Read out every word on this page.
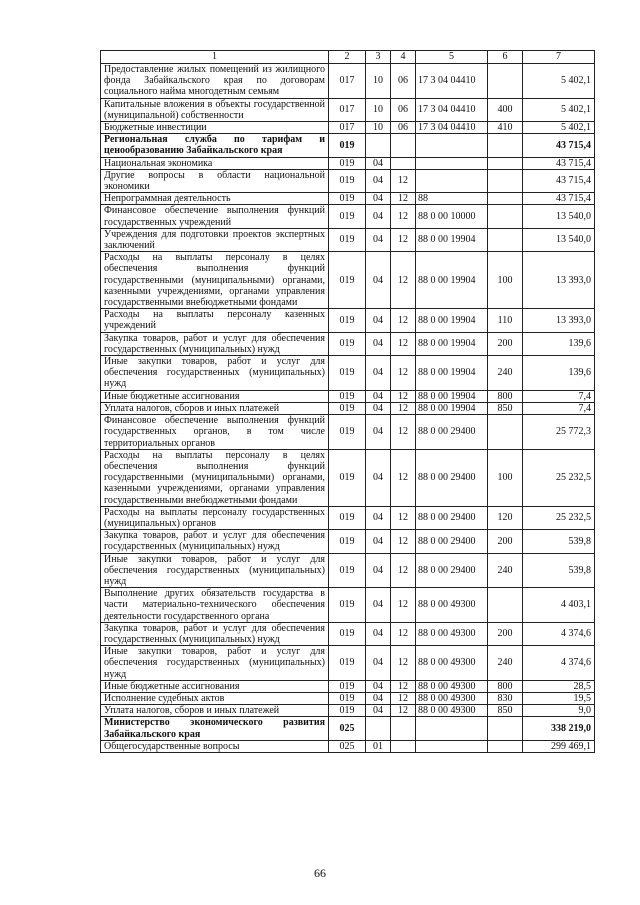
1	2	3	4	5	6	7
Предоставление жилых помещений из жилищного фонда Забайкальского края по договорам социального найма многодетным семьям	017	10	06	17 3 04 04410		5 402,1
Капитальные вложения в объекты государственной (муниципальной) собственности	017	10	06	17 3 04 04410	400	5 402,1
Бюджетные инвестиции	017	10	06	17 3 04 04410	410	5 402,1
Региональная служба по тарифам и ценообразованию Забайкальского края	019					43 715,4
Национальная экономика	019	04				43 715,4
Другие вопросы в области национальной экономики	019	04	12			43 715,4
Непрограммная деятельность	019	04	12	88		43 715,4
Финансовое обеспечение выполнения функций государственных учреждений	019	04	12	88 0 00 10000		13 540,0
Учреждения для подготовки проектов экспертных заключений	019	04	12	88 0 00 19904		13 540,0
Расходы на выплаты персоналу в целях обеспечения выполнения функций государственными (муниципальными) органами, казенными учреждениями, органами управления государственными внебюджетными фондами	019	04	12	88 0 00 19904	100	13 393,0
Расходы на выплаты персоналу казенных учреждений	019	04	12	88 0 00 19904	110	13 393,0
Закупка товаров, работ и услуг для обеспечения государственных (муниципальных) нужд	019	04	12	88 0 00 19904	200	139,6
Иные закупки товаров, работ и услуг для обеспечения государственных (муниципальных) нужд	019	04	12	88 0 00 19904	240	139,6
Иные бюджетные ассигнования	019	04	12	88 0 00 19904	800	7,4
Уплата налогов, сборов и иных платежей	019	04	12	88 0 00 19904	850	7,4
Финансовое обеспечение выполнения функций государственных органов, в том числе территориальных органов	019	04	12	88 0 00 29400		25 772,3
Расходы на выплаты персоналу в целях обеспечения выполнения функций государственными (муниципальными) органами, казенными учреждениями, органами управления государственными внебюджетными фондами	019	04	12	88 0 00 29400	100	25 232,5
Расходы на выплаты персоналу государственных (муниципальных) органов	019	04	12	88 0 00 29400	120	25 232,5
Закупка товаров, работ и услуг для обеспечения государственных (муниципальных) нужд	019	04	12	88 0 00 29400	200	539,8
Иные закупки товаров, работ и услуг для обеспечения государственных (муниципальных) нужд	019	04	12	88 0 00 29400	240	539,8
Выполнение других обязательств государства в части материально-технического обеспечения деятельности государственного органа	019	04	12	88 0 00 49300		4 403,1
Закупка товаров, работ и услуг для обеспечения государственных (муниципальных) нужд	019	04	12	88 0 00 49300	200	4 374,6
Иные закупки товаров, работ и услуг для обеспечения государственных (муниципальных) нужд	019	04	12	88 0 00 49300	240	4 374,6
Иные бюджетные ассигнования	019	04	12	88 0 00 49300	800	28,5
Исполнение судебных актов	019	04	12	88 0 00 49300	830	19,5
Уплата налогов, сборов и иных платежей	019	04	12	88 0 00 49300	850	9,0
Министерство экономического развития Забайкальского края	025					338 219,0
Общегосударственные вопросы	025	01				299 469,1
66
